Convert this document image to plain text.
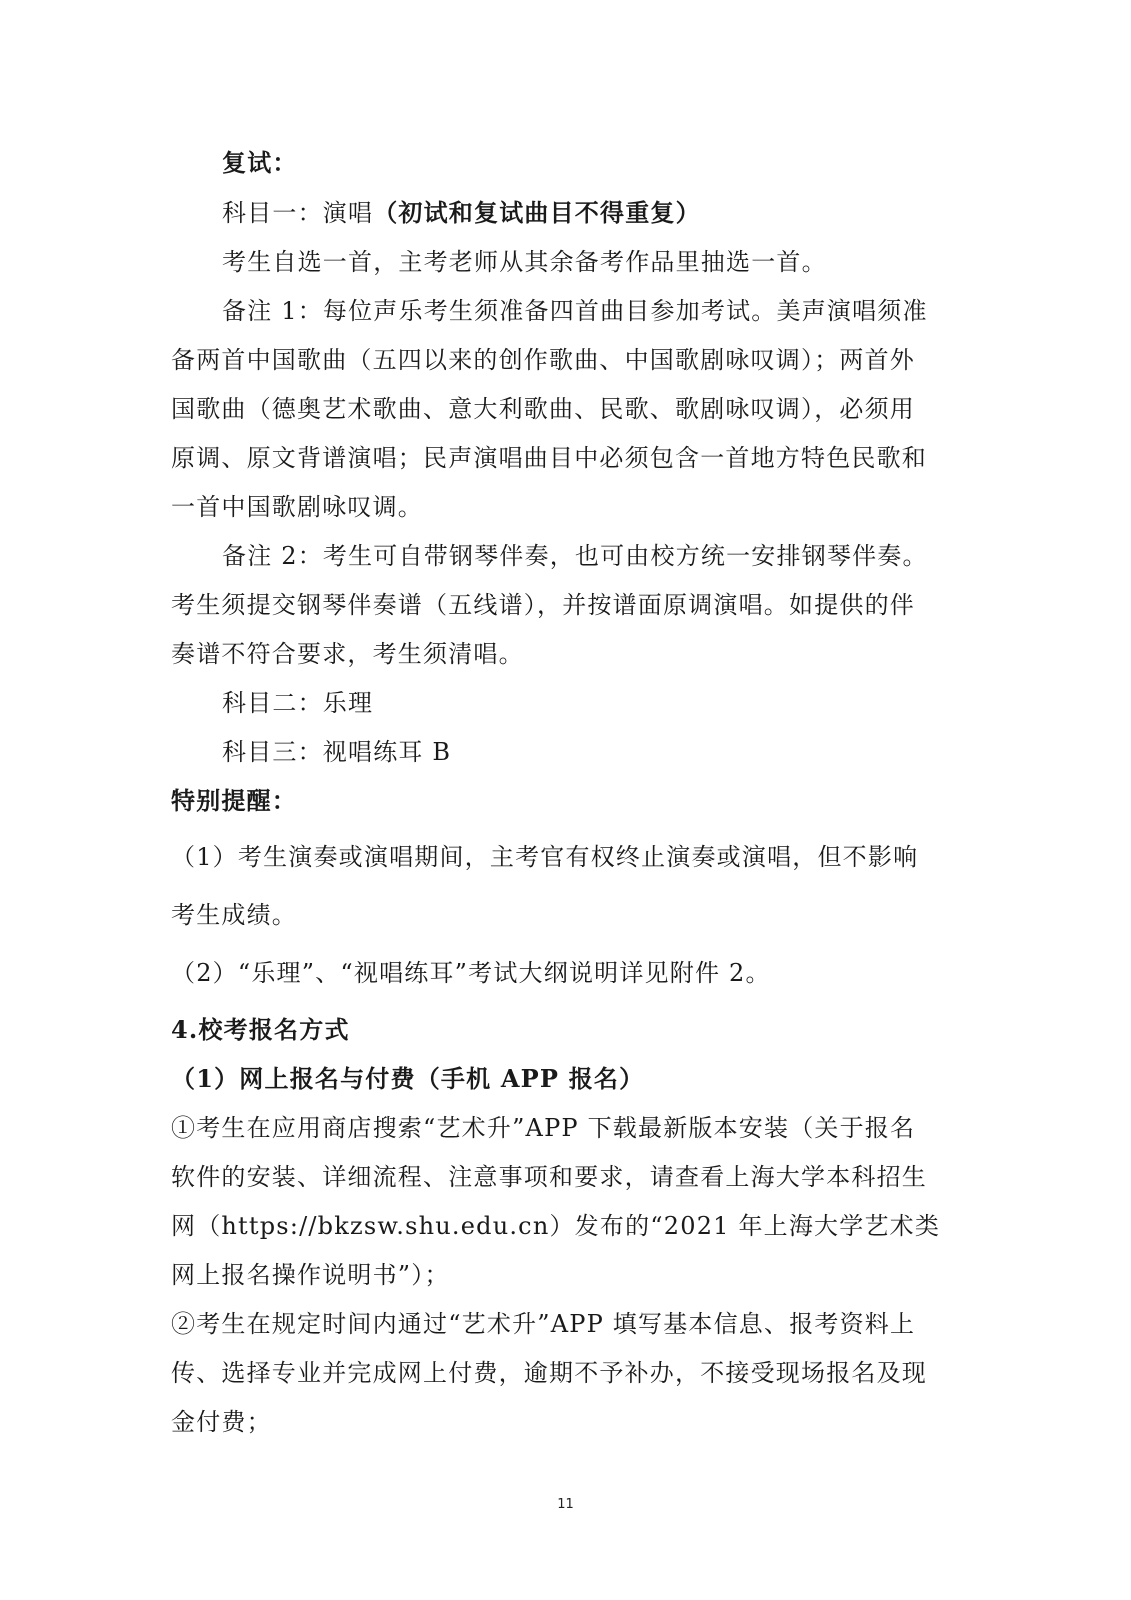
复试：
科目一：演唱（初试和复试曲目不得重复）
考生自选一首，主考老师从其余备考作品里抽选一首。
备注 1：每位声乐考生须准备四首曲目参加考试。美声演唱须准
备两首中国歌曲（五四以来的创作歌曲、中国歌剧咏叹调）；两首外
国歌曲（德奥艺术歌曲、意大利歌曲、民歌、歌剧咏叹调），必须用
原调、原文背谱演唱；民声演唱曲目中必须包含一首地方特色民歌和
一首中国歌剧咏叹调。
备注 2：考生可自带钢琴伴奏，也可由校方统一安排钢琴伴奏。
考生须提交钢琴伴奏谱（五线谱），并按谱面原调演唱。如提供的伴
奏谱不符合要求，考生须清唱。
科目二：乐理
科目三：视唱练耳 B
特别提醒：
（1）考生演奏或演唱期间，主考官有权终止演奏或演唱，但不影响
考生成绩。
（2）“乐理”、“视唱练耳”考试大纲说明详见附件 2。
4.校考报名方式
（1）网上报名与付费（手机 APP 报名）
①考生在应用商店搜索“艺术升”APP 下载最新版本安装（关于报名
软件的安装、详细流程、注意事项和要求，请查看上海大学本科招生
网（https://bkzsw.shu.edu.cn）发布的“2021 年上海大学艺术类
网上报名操作说明书”）；
②考生在规定时间内通过“艺术升”APP 填写基本信息、报考资料上
传、选择专业并完成网上付费，逾期不予补办，不接受现场报名及现
金付费；
11
